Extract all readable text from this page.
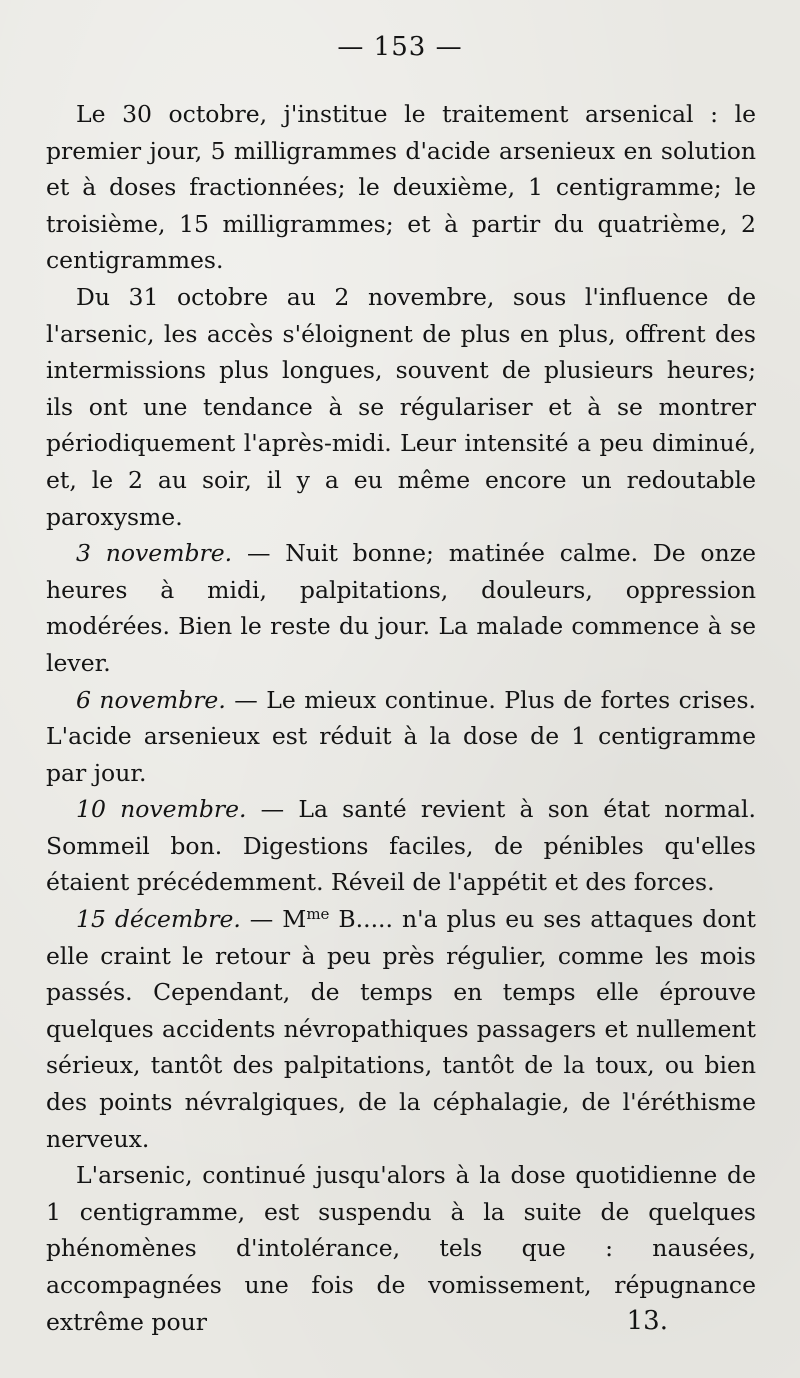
— 153 —

Le 30 octobre, j'institue le traitement arsenical : le premier jour, 5 milligrammes d'acide arsenieux en solution et à doses fractionnées; le deuxième, 1 centigramme; le troisième, 15 milligrammes; et à partir du quatrième, 2 centigrammes.

Du 31 octobre au 2 novembre, sous l'influence de l'arsenic, les accès s'éloignent de plus en plus, offrent des intermissions plus longues, souvent de plusieurs heures; ils ont une tendance à se régulariser et à se montrer périodiquement l'après-midi. Leur intensité a peu diminué, et, le 2 au soir, il y a eu même encore un redoutable paroxysme.

3 novembre. — Nuit bonne; matinée calme. De onze heures à midi, palpitations, douleurs, oppression modérées. Bien le reste du jour. La malade commence à se lever.

6 novembre. — Le mieux continue. Plus de fortes crises. L'acide arsenieux est réduit à la dose de 1 centigramme par jour.

10 novembre. — La santé revient à son état normal. Sommeil bon. Digestions faciles, de pénibles qu'elles étaient précédemment. Réveil de l'appétit et des forces.

15 décembre. — $M^{me}$ B..... n'a plus eu ses attaques dont elle craint le retour à peu près régulier, comme les mois passés. Cependant, de temps en temps elle éprouve quelques accidents névropathiques passagers et nullement sérieux, tantôt des palpitations, tantôt de la toux, ou bien des points névralgiques, de la céphalagie, de l'éréthisme nerveux.

L'arsenic, continué jusqu'alors à la dose quotidienne de 1 centigramme, est suspendu à la suite de quelques phénomènes d'intolérance, tels que : nausées, accompagnées une fois de vomissement, répugnance extrême pour	13.
